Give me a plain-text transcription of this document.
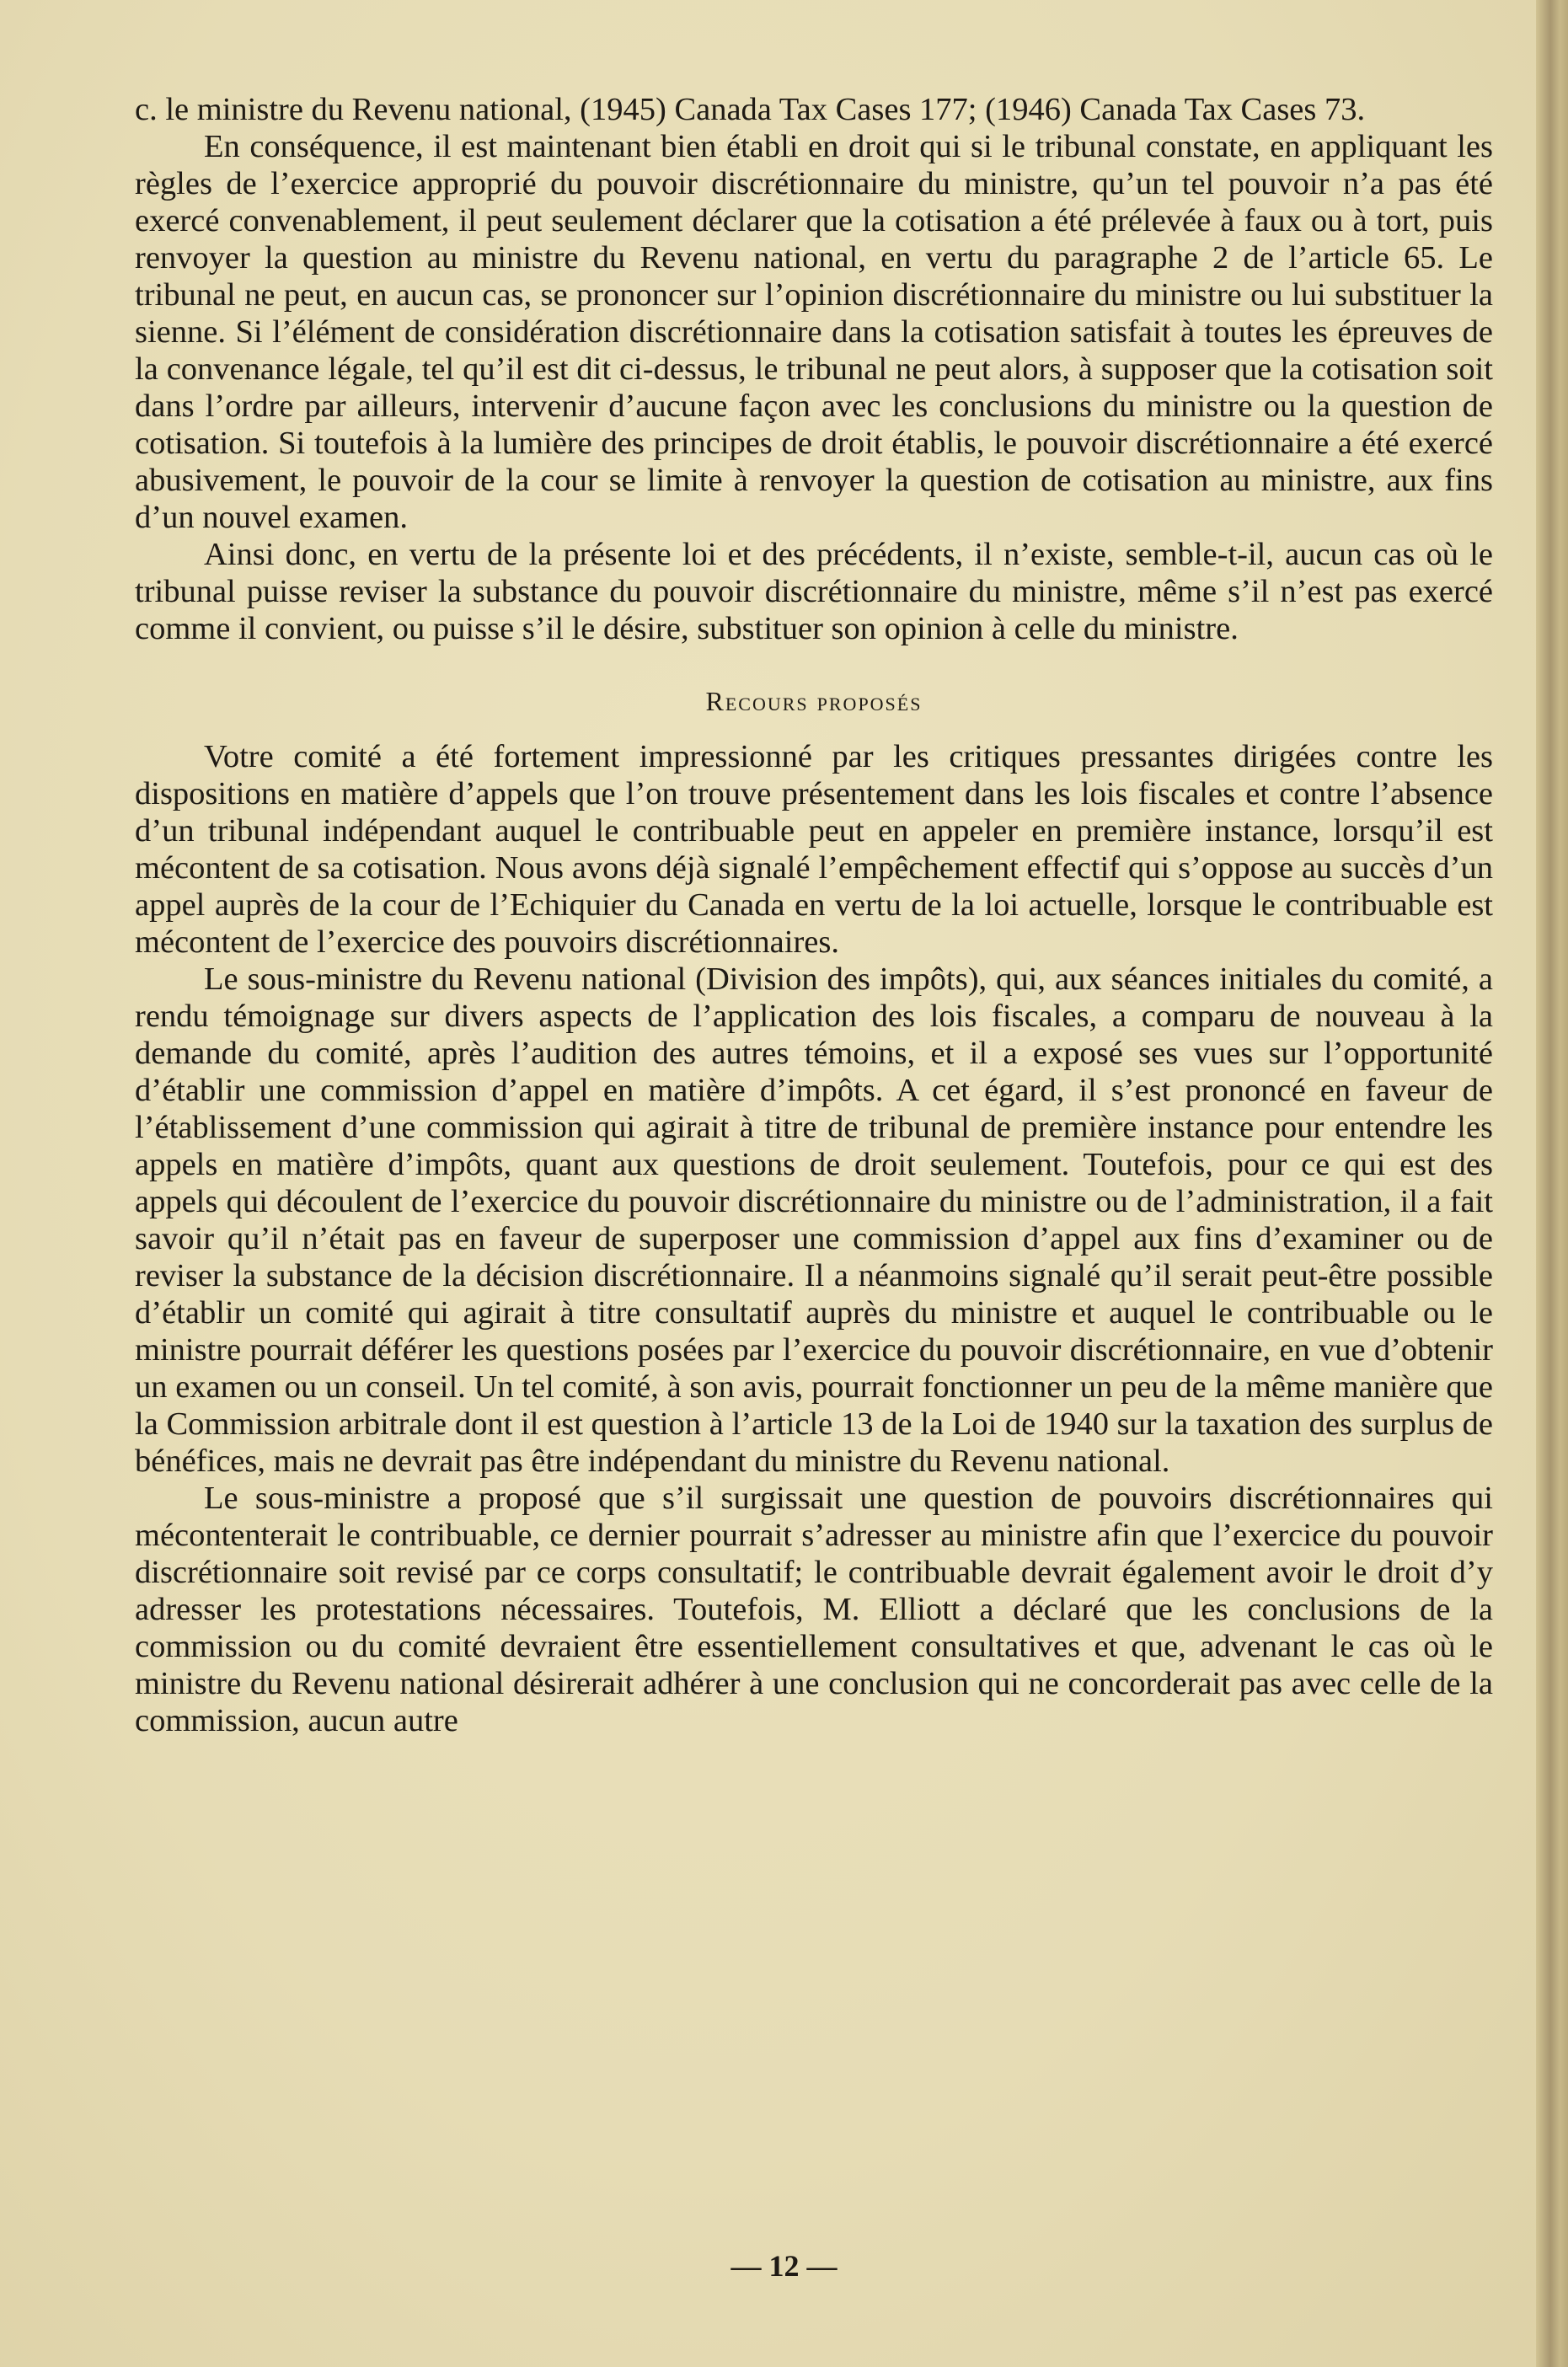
c. le ministre du Revenu national, (1945) Canada Tax Cases 177; (1946) Canada Tax Cases 73.

En conséquence, il est maintenant bien établi en droit qui si le tribunal constate, en appliquant les règles de l’exercice approprié du pouvoir discrétionnaire du ministre, qu’un tel pouvoir n’a pas été exercé convenablement, il peut seulement déclarer que la cotisation a été prélevée à faux ou à tort, puis renvoyer la question au ministre du Revenu national, en vertu du paragraphe 2 de l’article 65. Le tribunal ne peut, en aucun cas, se prononcer sur l’opinion discrétionnaire du ministre ou lui substituer la sienne. Si l’élément de considération discrétionnaire dans la cotisation satisfait à toutes les épreuves de la convenance légale, tel qu’il est dit ci-dessus, le tribunal ne peut alors, à supposer que la cotisation soit dans l’ordre par ailleurs, intervenir d’aucune façon avec les conclusions du ministre ou la question de cotisation. Si toutefois à la lumière des principes de droit établis, le pouvoir discrétionnaire a été exercé abusivement, le pouvoir de la cour se limite à renvoyer la question de cotisation au ministre, aux fins d’un nouvel examen.

Ainsi donc, en vertu de la présente loi et des précédents, il n’existe, semble-t-il, aucun cas où le tribunal puisse reviser la substance du pouvoir discrétionnaire du ministre, même s’il n’est pas exercé comme il convient, ou puisse s’il le désire, substituer son opinion à celle du ministre.

Recours proposés

Votre comité a été fortement impressionné par les critiques pressantes dirigées contre les dispositions en matière d’appels que l’on trouve présentement dans les lois fiscales et contre l’absence d’un tribunal indépendant auquel le contribuable peut en appeler en première instance, lorsqu’il est mécontent de sa cotisation. Nous avons déjà signalé l’empêchement effectif qui s’oppose au succès d’un appel auprès de la cour de l’Echiquier du Canada en vertu de la loi actuelle, lorsque le contribuable est mécontent de l’exercice des pouvoirs discrétionnaires.

Le sous-ministre du Revenu national (Division des impôts), qui, aux séances initiales du comité, a rendu témoignage sur divers aspects de l’application des lois fiscales, a comparu de nouveau à la demande du comité, après l’audition des autres témoins, et il a exposé ses vues sur l’opportunité d’établir une commission d’appel en matière d’impôts. A cet égard, il s’est prononcé en faveur de l’établissement d’une commission qui agirait à titre de tribunal de première instance pour entendre les appels en matière d’impôts, quant aux questions de droit seulement. Toutefois, pour ce qui est des appels qui découlent de l’exercice du pouvoir discrétionnaire du ministre ou de l’administration, il a fait savoir qu’il n’était pas en faveur de superposer une commission d’appel aux fins d’examiner ou de reviser la substance de la décision discrétionnaire. Il a néanmoins signalé qu’il serait peut-être possible d’établir un comité qui agirait à titre consultatif auprès du ministre et auquel le contribuable ou le ministre pourrait déférer les questions posées par l’exercice du pouvoir discrétionnaire, en vue d’obtenir un examen ou un conseil. Un tel comité, à son avis, pourrait fonctionner un peu de la même manière que la Commission arbitrale dont il est question à l’article 13 de la Loi de 1940 sur la taxation des surplus de bénéfices, mais ne devrait pas être indépendant du ministre du Revenu national.

Le sous-ministre a proposé que s’il surgissait une question de pouvoirs discrétionnaires qui mécontenterait le contribuable, ce dernier pourrait s’adresser au ministre afin que l’exercice du pouvoir discrétionnaire soit revisé par ce corps consultatif; le contribuable devrait également avoir le droit d’y adresser les protestations nécessaires. Toutefois, M. Elliott a déclaré que les conclusions de la commission ou du comité devraient être essentiellement consultatives et que, advenant le cas où le ministre du Revenu national désirerait adhérer à une conclusion qui ne concorderait pas avec celle de la commission, aucun autre

— 12 —
